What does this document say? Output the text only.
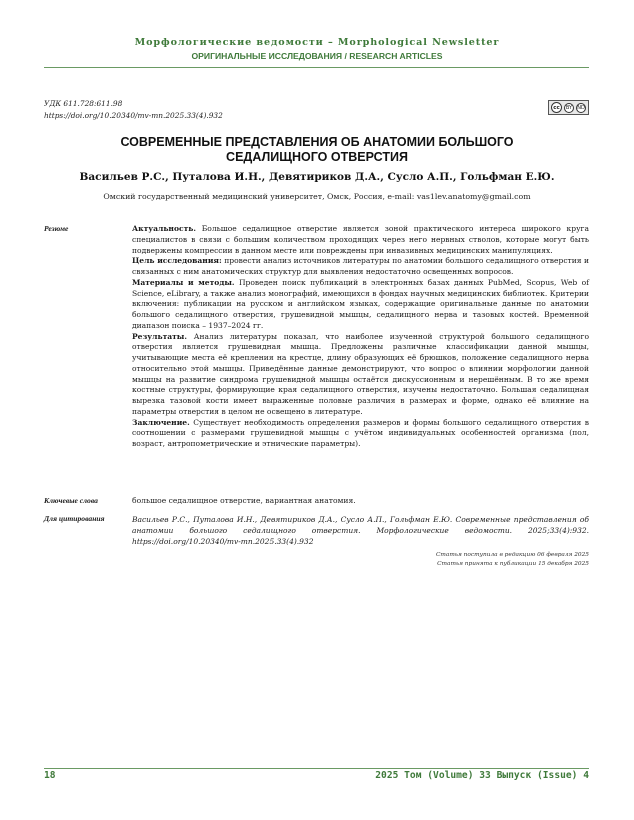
Морфологические ведомости – Morphological Newsletter
ОРИГИНАЛЬНЫЕ ИССЛЕДОВАНИЯ / RESEARCH ARTICLES
УДК 611.728:611.98
https://doi.org/10.20340/mv-mn.2025.33(4).932
cc	BY	ND
СОВРЕМЕННЫЕ ПРЕДСТАВЛЕНИЯ ОБ АНАТОМИИ БОЛЬШОГО
СЕДАЛИЩНОГО ОТВЕРСТИЯ
Васильев Р.С., Путалова И.Н., Девятириков Д.А., Сусло А.П., Гольфман Е.Ю.
Омский государственный медицинский университет, Омск, Россия, e-mail: vas1lev.anatomy@gmail.com
Резюме	Актуальность. Большое седалищное отверстие является зоной практического интереса широкого круга специалистов в связи с большим количеством проходящих через него нервных стволов, которые могут быть подвержены компрессии в данном месте или повреждены при инвазивных медицинских манипуляциях.

Цель исследования: провести анализ источников литературы по анатомии большого седалищного отверстия и связанных с ним анатомических структур для выявления недостаточно освещенных вопросов.

Материалы и методы. Проведен поиск публикаций в электронных базах данных PubMed, Scopus, Web of Science, eLibrary, а также анализ монографий, имеющихся в фондах научных медицинских библиотек. Критерии включения: публикации на русском и английском языках, содержащие оригинальные данные по анатомии большого седалищного отверстия, грушевидной мышцы, седалищного нерва и тазовых костей. Временной диапазон поиска – 1937–2024 гг.

Результаты. Анализ литературы показал, что наиболее изученной структурой большого седалищного отверстия является грушевидная мышца. Предложены различные классификации данной мышцы, учитывающие места её крепления на крестце, длину образующих её брюшков, положение седалищного нерва относительно этой мышцы. Приведённые данные демонстрируют, что вопрос о влиянии морфологии данной мышцы на развитие синдрома грушевидной мышцы остаётся дискуссионным и нерешённым. В то же время костные структуры, формирующие края седалищного отверстия, изучены недостаточно. Большая седалищная вырезка тазовой кости имеет выраженные половые различия в размерах и форме, однако её влияние на параметры отверстия в целом не освещено в литературе.

Заключение. Существует необходимость определения размеров и формы большого седалищного отверстия в соотношении с размерами грушевидной мышцы с учётом индивидуальных особенностей организма (пол, возраст, антропометрические и этнические параметры).

Ключевые слова	большое седалищное отверстие, вариантная анатомия.
Для цитирования	Васильев Р.С., Путалова И.Н., Девятириков Д.А., Сусло А.П., Гольфман Е.Ю. Современные представления об анатомии большого седалищного отверстия. Морфологические ведомости. 2025;33(4):932. https://doi.org/10.20340/mv-mn.2025.33(4).932
Статья поступила в редакцию 06 февраля 2025
Статья принята к публикации 15 декабря 2025
18	2025 Том (Volume) 33 Выпуск (Issue) 4
